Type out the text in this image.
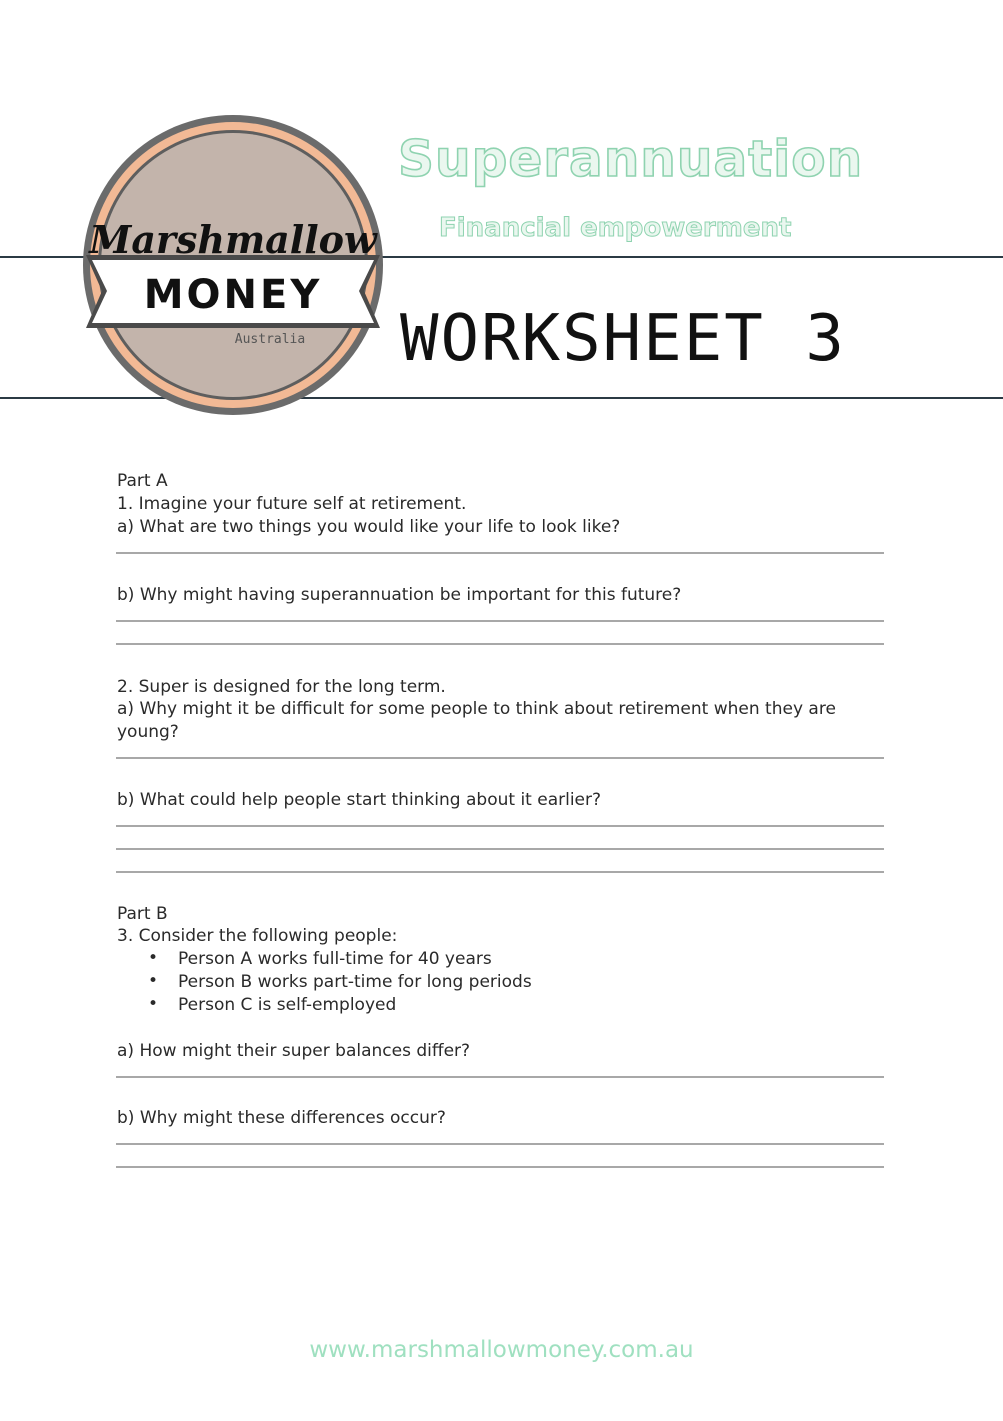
Marshmallow
MONEY
Australia
Superannuation
Financial empowerment
WORKSHEET 3
Part A
1. Imagine your future self at retirement.
a) What are two things you would like your life to look like?
b) Why might having superannuation be important for this future?
2. Super is designed for the long term.
a) Why might it be difficult for some people to think about retirement when they are young?
b) What could help people start thinking about it earlier?
Part B
3. Consider the following people:
• Person A works full-time for 40 years
• Person B works part-time for long periods
• Person C is self-employed
a) How might their super balances differ?
b) Why might these differences occur?
www.marshmallowmoney.com.au
